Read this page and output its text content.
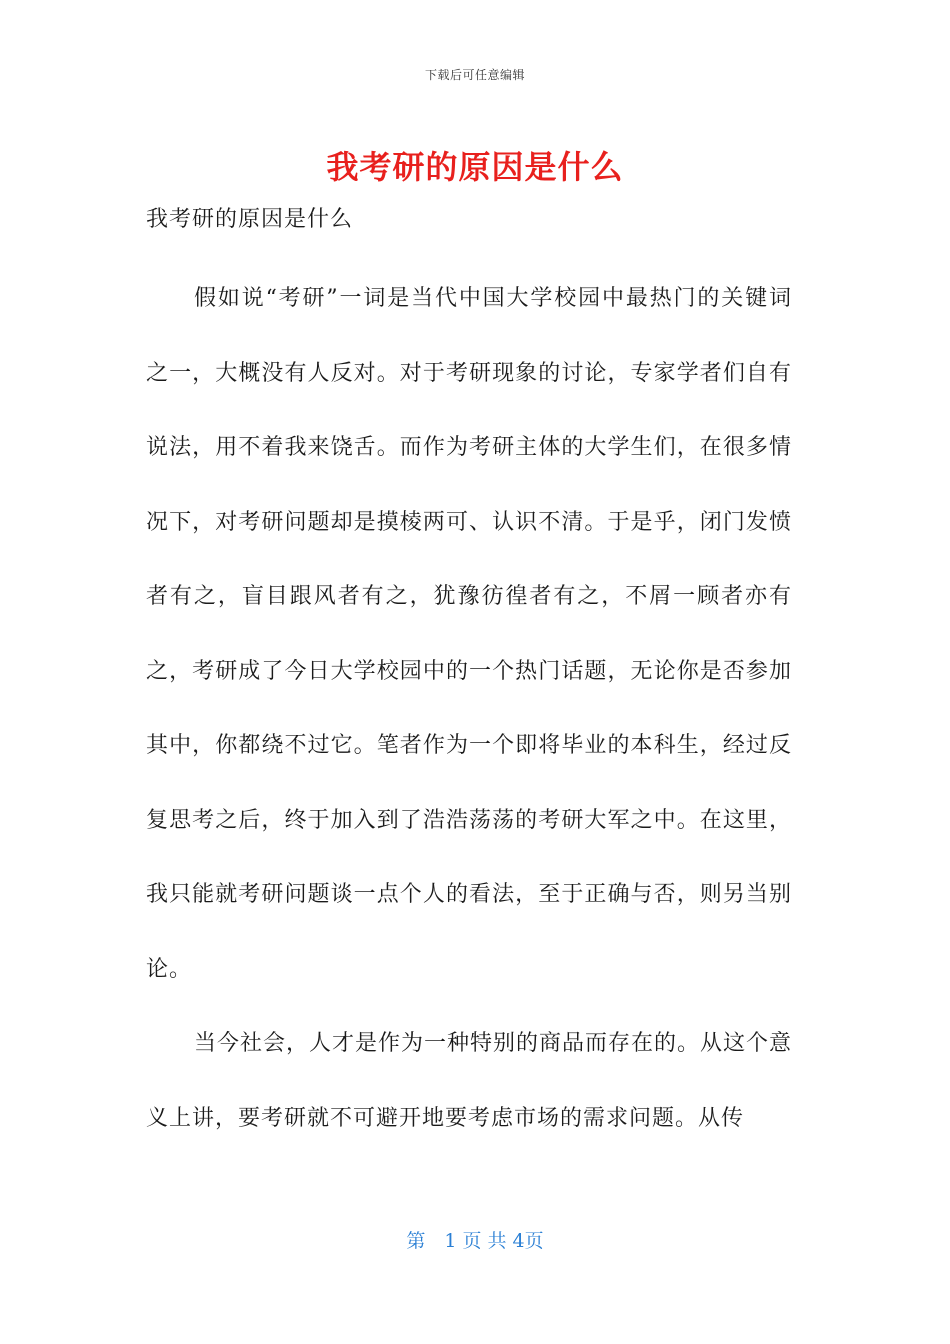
下载后可任意编辑
我考研的原因是什么

我考研的原因是什么

假如说“考研”一词是当代中国大学校园中最热门的关键词之一，大概没有人反对。对于考研现象的讨论，专家学者们自有说法，用不着我来饶舌。而作为考研主体的大学生们，在很多情况下，对考研问题却是摸棱两可、认识不清。于是乎，闭门发愤者有之，盲目跟风者有之，犹豫彷徨者有之，不屑一顾者亦有之，考研成了今日大学校园中的一个热门话题，无论你是否参加其中，你都绕不过它。笔者作为一个即将毕业的本科生，经过反复思考之后，终于加入到了浩浩荡荡的考研大军之中。在这里，我只能就考研问题谈一点个人的看法，至于正确与否，则另当别论。

当今社会，人才是作为一种特别的商品而存在的。从这个意义上讲，要考研就不可避开地要考虑市场的需求问题。从传

第　1 页 共 4页
